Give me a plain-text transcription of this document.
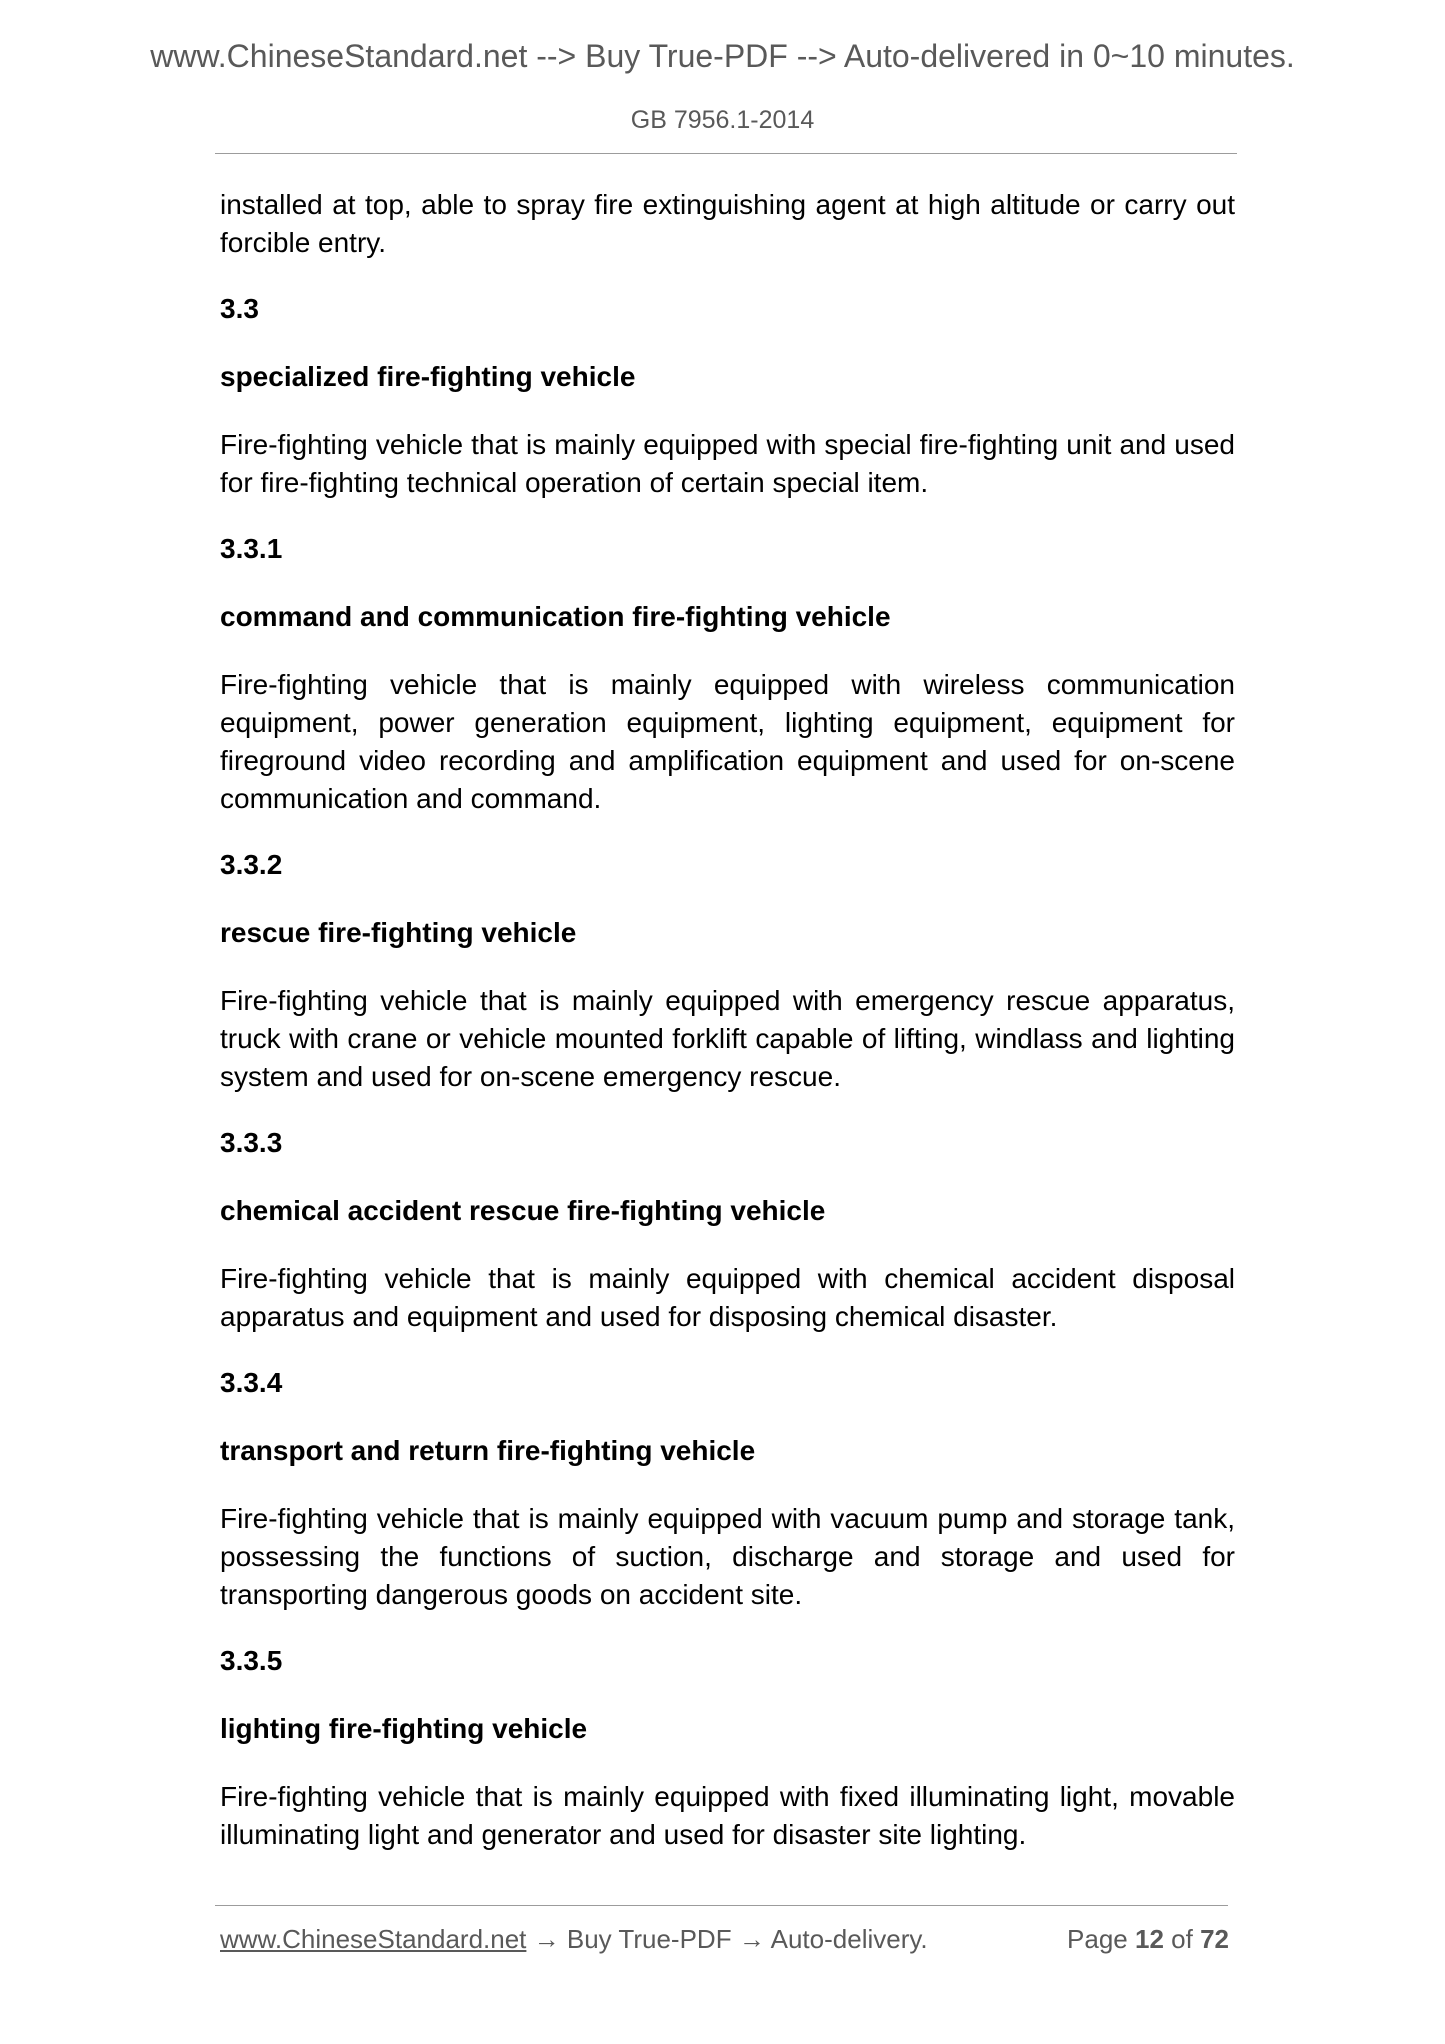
www.ChineseStandard.net --> Buy True-PDF --> Auto-delivered in 0~10 minutes.
GB 7956.1-2014

installed at top, able to spray fire extinguishing agent at high altitude or carry out forcible entry.

3.3

specialized fire-fighting vehicle

Fire-fighting vehicle that is mainly equipped with special fire-fighting unit and used for fire-fighting technical operation of certain special item.

3.3.1

command and communication fire-fighting vehicle

Fire-fighting vehicle that is mainly equipped with wireless communication equipment, power generation equipment, lighting equipment, equipment for fireground video recording and amplification equipment and used for on-scene communication and command.

3.3.2

rescue fire-fighting vehicle

Fire-fighting vehicle that is mainly equipped with emergency rescue apparatus, truck with crane or vehicle mounted forklift capable of lifting, windlass and lighting system and used for on-scene emergency rescue.

3.3.3

chemical accident rescue fire-fighting vehicle

Fire-fighting vehicle that is mainly equipped with chemical accident disposal apparatus and equipment and used for disposing chemical disaster.

3.3.4

transport and return fire-fighting vehicle

Fire-fighting vehicle that is mainly equipped with vacuum pump and storage tank, possessing the functions of suction, discharge and storage and used for transporting dangerous goods on accident site.

3.3.5

lighting fire-fighting vehicle

Fire-fighting vehicle that is mainly equipped with fixed illuminating light, movable illuminating light and generator and used for disaster site lighting.

www.ChineseStandard.net → Buy True-PDF → Auto-delivery.	Page 12 of 72
